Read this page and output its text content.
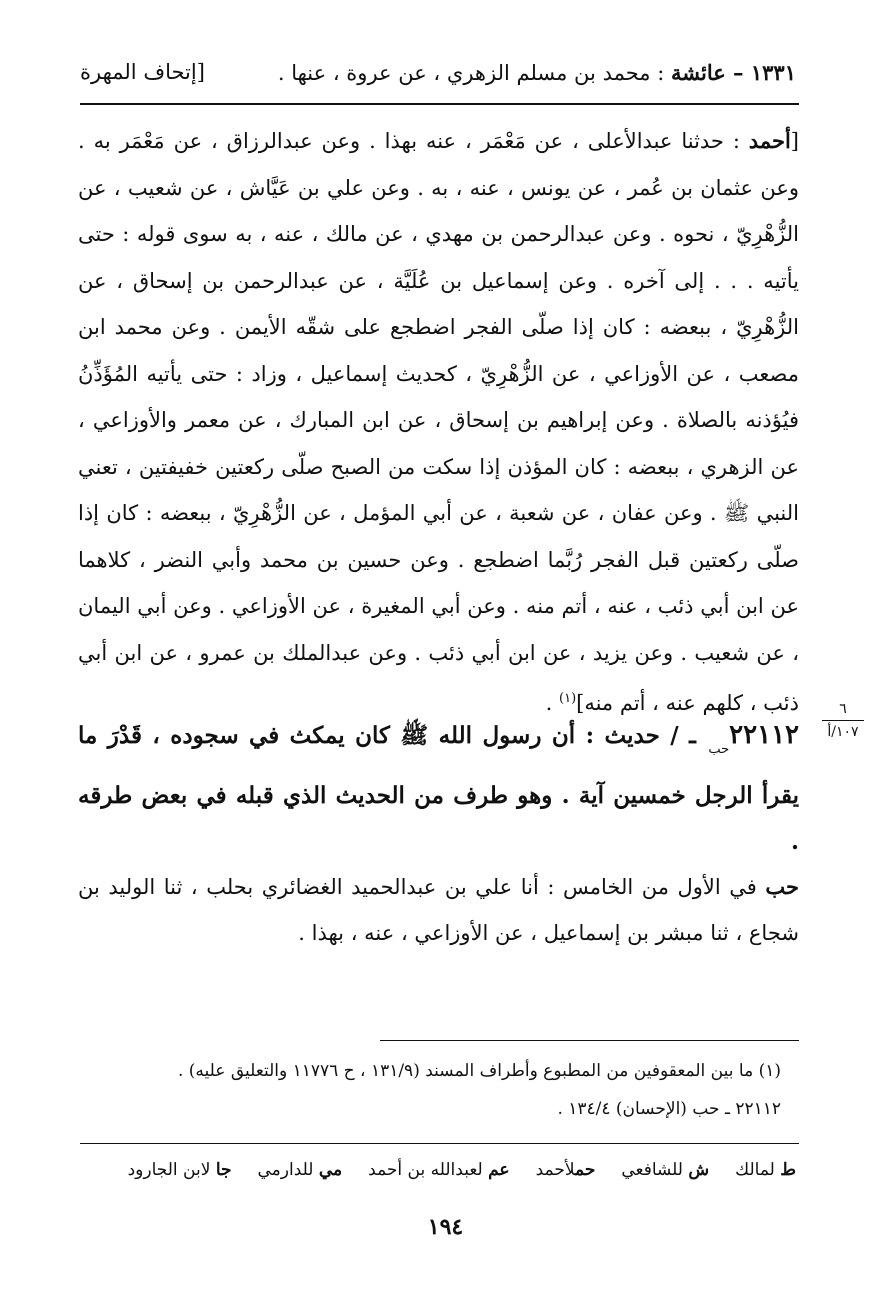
١٣٣١ – عائشة : محمد بن مسلم الزهري ، عن عروة ، عنها .
[إتحاف المهرة

[أحمد : حدثنا عبدالأعلى ، عن مَعْمَر ، عنه بهذا . وعن عبدالرزاق ، عن مَعْمَر به . وعن عثمان بن عُمر ، عن يونس ، عنه ، به . وعن علي بن عَيَّاش ، عن شعيب ، عن الزُّهْرِيّ ، نحوه . وعن عبدالرحمن بن مهدي ، عن مالك ، عنه ، به سوى قوله : حتى يأتيه . . . إلى آخره . وعن إسماعيل بن عُلَيَّة ، عن عبدالرحمن بن إسحاق ، عن الزُّهْرِيّ ، ببعضه : كان إذا صلّى الفجر اضطجع على شقّه الأيمن . وعن محمد ابن مصعب ، عن الأوزاعي ، عن الزُّهْرِيّ ، كحديث إسماعيل ، وزاد : حتى يأتيه المُؤَذِّنُ فيُؤذنه بالصلاة . وعن إبراهيم بن إسحاق ، عن ابن المبارك ، عن معمر والأوزاعي ، عن الزهري ، ببعضه : كان المؤذن إذا سكت من الصبح صلّى ركعتين خفيفتين ، تعني النبي ﷺ . وعن عفان ، عن شعبة ، عن أبي المؤمل ، عن الزُّهْرِيّ ، ببعضه : كان إذا صلّى ركعتين قبل الفجر رُبَّما اضطجع . وعن حسين بن محمد وأبي النضر ، كلاهما عن ابن أبي ذئب ، عنه ، أتم منه . وعن أبي المغيرة ، عن الأوزاعي . وعن أبي اليمان ، عن شعيب . وعن يزيد ، عن ابن أبي ذئب . وعن عبدالملك بن عمرو ، عن ابن أبي ذئب ، كلهم عنه ، أتم منه]$^{(١)}$ .	٦
١٠٧/أ
$٢٢١١٢_{حب}$ ـ / حديث : أن رسول الله ﷺ كان يمكث في سجوده ، قَدْرَ ما يقرأ الرجل خمسين آية . وهو طرف من الحديث الذي قبله في بعض طرقه .
حب في الأول من الخامس : أنا علي بن عبدالحميد الغضائري بحلب ، ثنا الوليد بن شجاع ، ثنا مبشر بن إسماعيل ، عن الأوزاعي ، عنه ، بهذا .
(١) ما بين المعقوفين من المطبوع وأطراف المسند (١٣١/٩ ، ح ١١٧٧٦ والتعليق عليه) .
٢٢١١٢ ـ حب (الإحسان) ١٣٤/٤ .
ط لمالك
ش للشافعي
حملأحمد
عم لعبدالله بن أحمد
مي للدارمي
جا لابن الجارود
١٩٤
